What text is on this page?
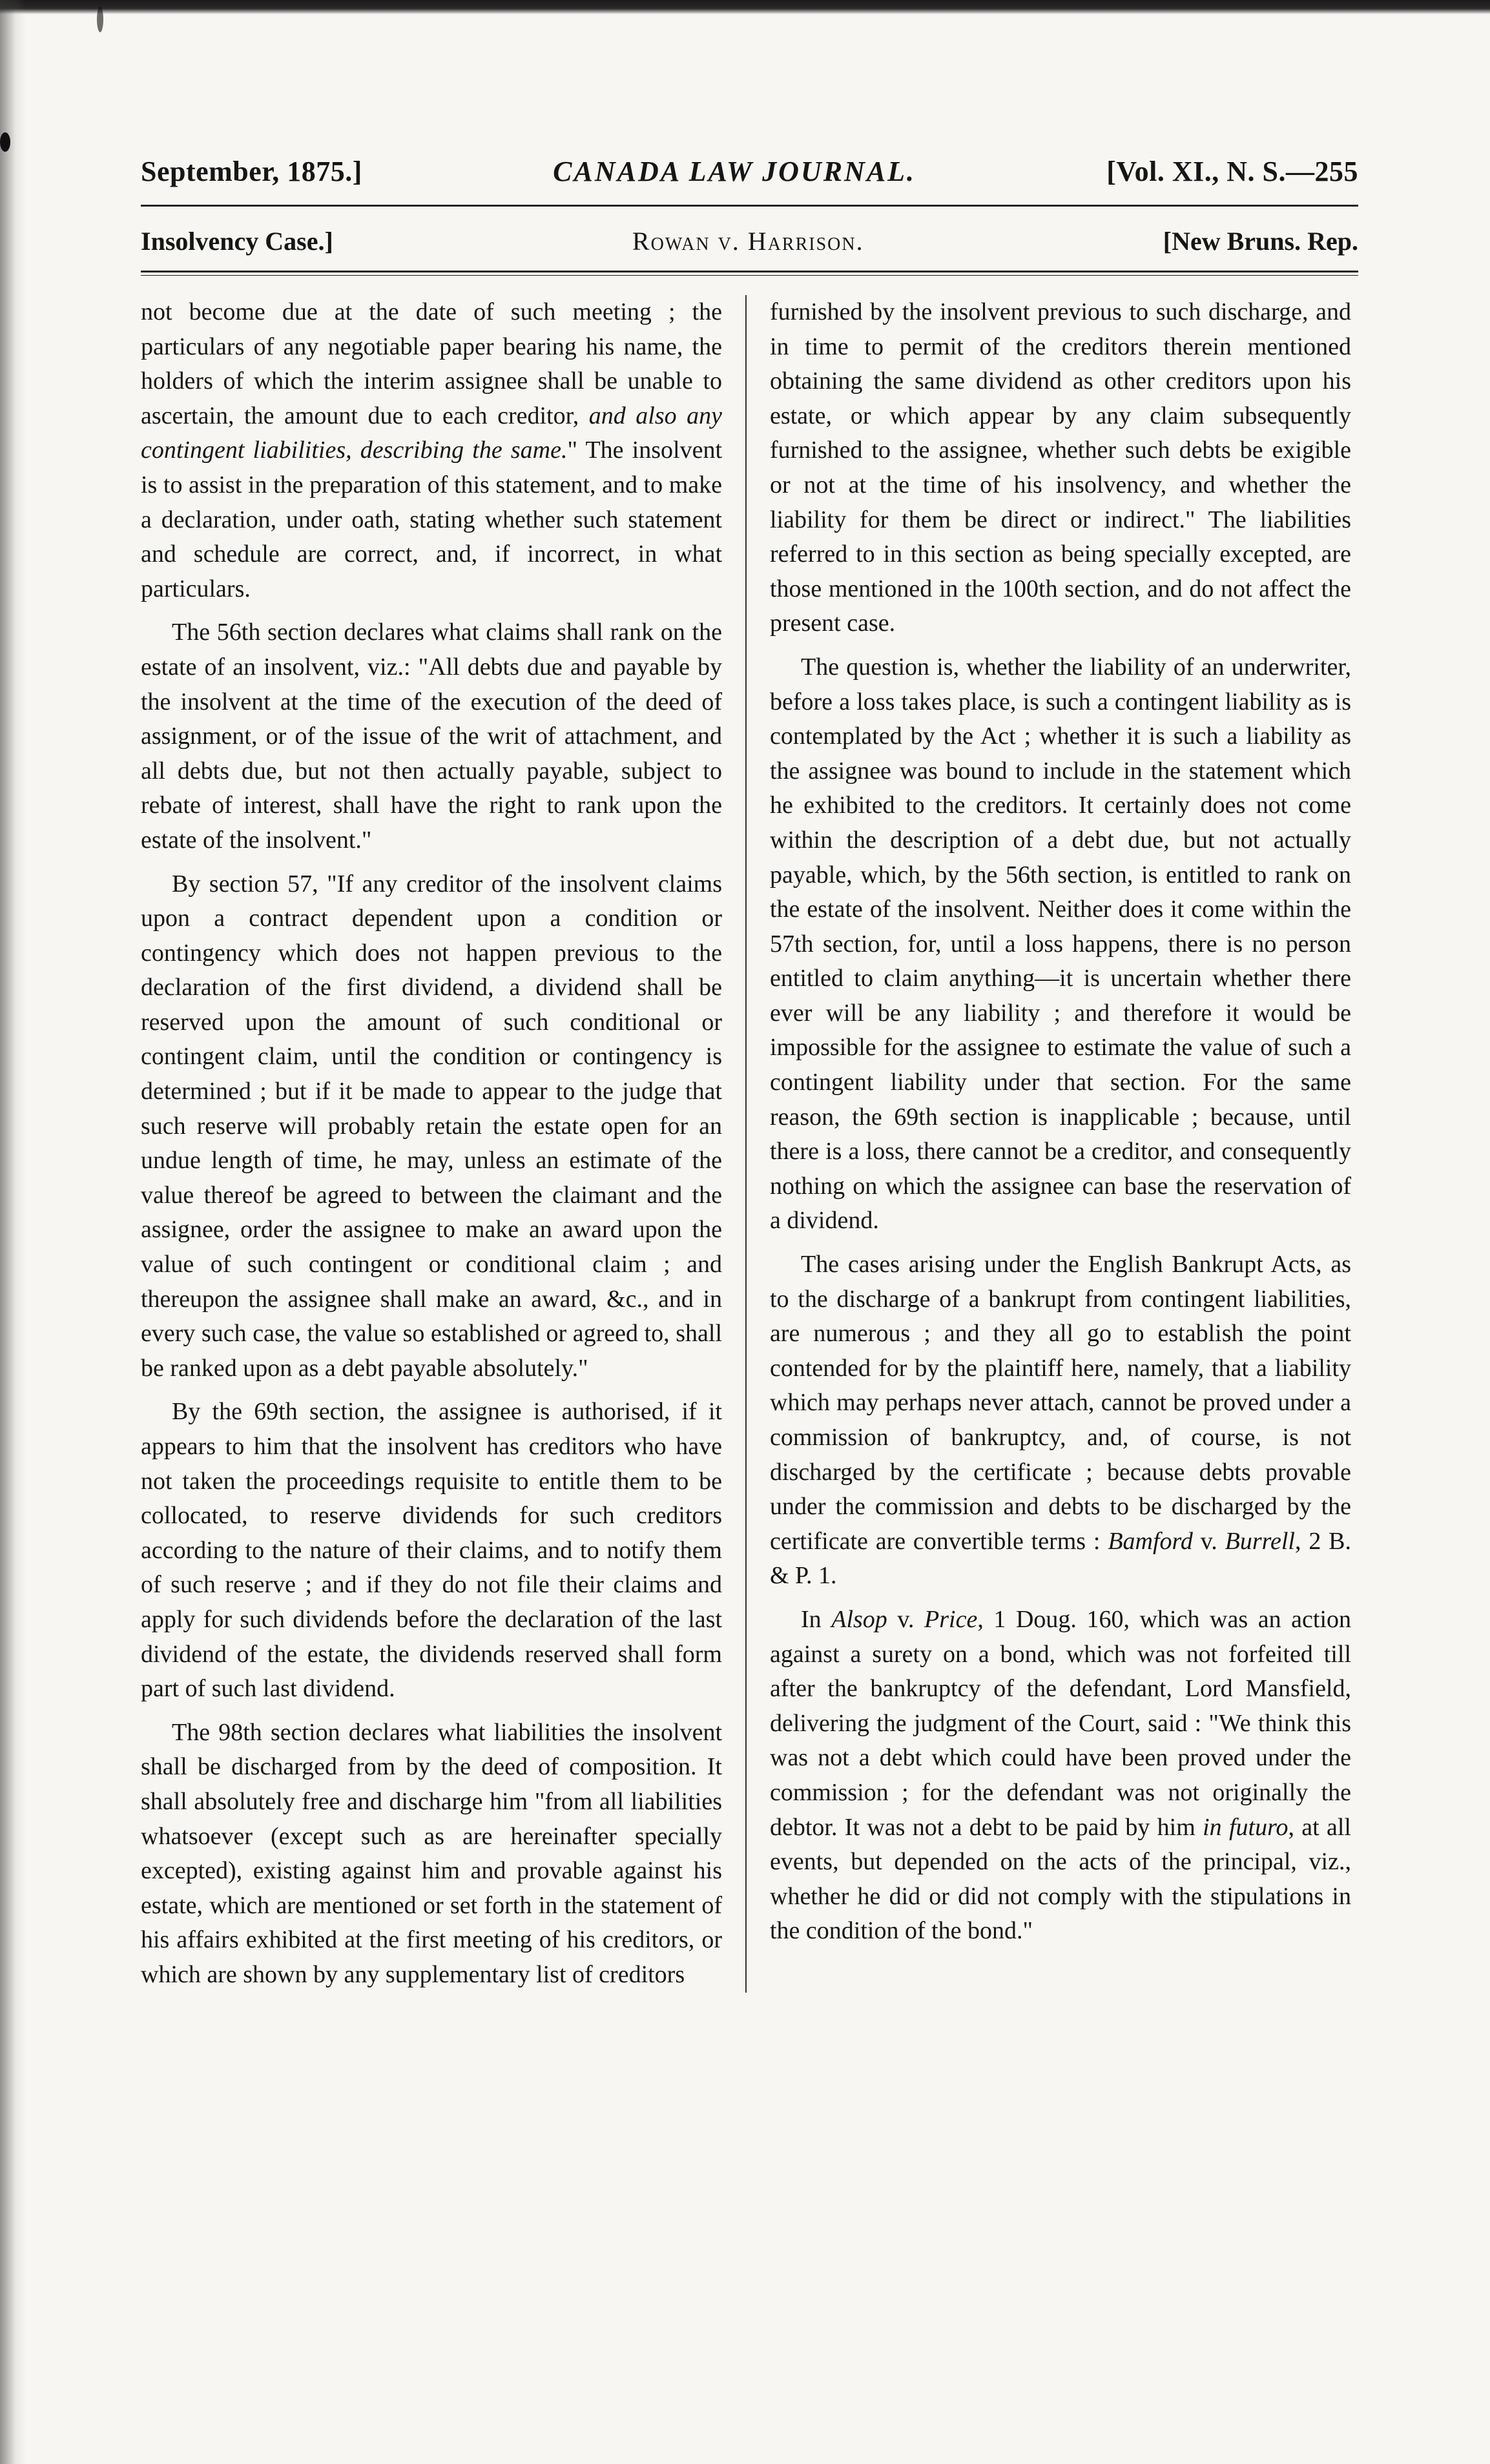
September, 1875.]	CANADA LAW JOURNAL.	[Vol. XI., N. S.—255
Insolvency Case.]	Rowan v. Harrison.	[New Bruns. Rep.

not become due at the date of such meeting ; the particulars of any negotiable paper bearing his name, the holders of which the interim assignee shall be unable to ascertain, the amount due to each creditor, and also any contingent liabilities, describing the same." The insolvent is to assist in the preparation of this statement, and to make a declaration, under oath, stating whether such statement and schedule are correct, and, if incorrect, in what particulars.

The 56th section declares what claims shall rank on the estate of an insolvent, viz.: "All debts due and payable by the insolvent at the time of the execution of the deed of assignment, or of the issue of the writ of attachment, and all debts due, but not then actually payable, subject to rebate of interest, shall have the right to rank upon the estate of the insolvent."

By section 57, "If any creditor of the insolvent claims upon a contract dependent upon a condition or contingency which does not happen previous to the declaration of the first dividend, a dividend shall be reserved upon the amount of such conditional or contingent claim, until the condition or contingency is determined ; but if it be made to appear to the judge that such reserve will probably retain the estate open for an undue length of time, he may, unless an estimate of the value thereof be agreed to between the claimant and the assignee, order the assignee to make an award upon the value of such contingent or conditional claim ; and thereupon the assignee shall make an award, &c., and in every such case, the value so established or agreed to, shall be ranked upon as a debt payable absolutely."

By the 69th section, the assignee is authorised, if it appears to him that the insolvent has creditors who have not taken the proceedings requisite to entitle them to be collocated, to reserve dividends for such creditors according to the nature of their claims, and to notify them of such reserve ; and if they do not file their claims and apply for such dividends before the declaration of the last dividend of the estate, the dividends reserved shall form part of such last dividend.

The 98th section declares what liabilities the insolvent shall be discharged from by the deed of composition. It shall absolutely free and discharge him "from all liabilities whatsoever (except such as are hereinafter specially excepted), existing against him and provable against his estate, which are mentioned or set forth in the statement of his affairs exhibited at the first meeting of his creditors, or which are shown by any supplementary list of creditors

furnished by the insolvent previous to such discharge, and in time to permit of the creditors therein mentioned obtaining the same dividend as other creditors upon his estate, or which appear by any claim subsequently furnished to the assignee, whether such debts be exigible or not at the time of his insolvency, and whether the liability for them be direct or indirect." The liabilities referred to in this section as being specially excepted, are those mentioned in the 100th section, and do not affect the present case.

The question is, whether the liability of an underwriter, before a loss takes place, is such a contingent liability as is contemplated by the Act ; whether it is such a liability as the assignee was bound to include in the statement which he exhibited to the creditors. It certainly does not come within the description of a debt due, but not actually payable, which, by the 56th section, is entitled to rank on the estate of the insolvent. Neither does it come within the 57th section, for, until a loss happens, there is no person entitled to claim anything—it is uncertain whether there ever will be any liability ; and therefore it would be impossible for the assignee to estimate the value of such a contingent liability under that section. For the same reason, the 69th section is inapplicable ; because, until there is a loss, there cannot be a creditor, and consequently nothing on which the assignee can base the reservation of a dividend.

The cases arising under the English Bankrupt Acts, as to the discharge of a bankrupt from contingent liabilities, are numerous ; and they all go to establish the point contended for by the plaintiff here, namely, that a liability which may perhaps never attach, cannot be proved under a commission of bankruptcy, and, of course, is not discharged by the certificate ; because debts provable under the commission and debts to be discharged by the certificate are convertible terms : Bamford v. Burrell, 2 B. & P. 1.

In Alsop v. Price, 1 Doug. 160, which was an action against a surety on a bond, which was not forfeited till after the bankruptcy of the defendant, Lord Mansfield, delivering the judgment of the Court, said : "We think this was not a debt which could have been proved under the commission ; for the defendant was not originally the debtor. It was not a debt to be paid by him in futuro, at all events, but depended on the acts of the principal, viz., whether he did or did not comply with the stipulations in the condition of the bond."
